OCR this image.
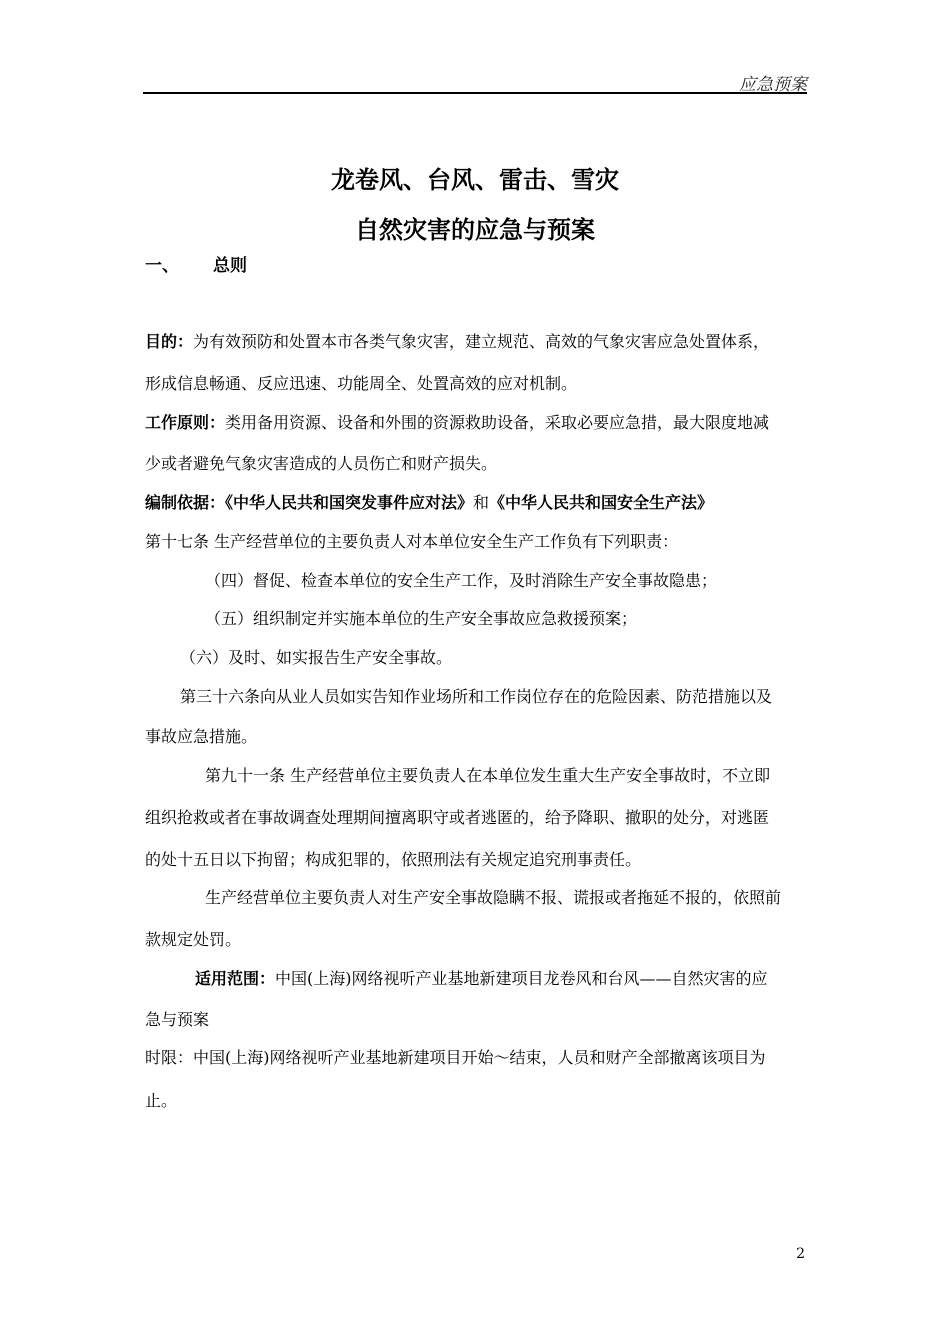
应急预案
龙卷风、台风、雷击、雪灾
自然灾害的应急与预案
一、 总则
目的：为有效预防和处置本市各类气象灾害，建立规范、高效的气象灾害应急处置体系，
形成信息畅通、反应迅速、功能周全、处置高效的应对机制。
工作原则：类用备用资源、设备和外围的资源救助设备，采取必要应急措，最大限度地减
少或者避免气象灾害造成的人员伤亡和财产损失。
编制依据：《中华人民共和国突发事件应对法》和《中华人民共和国安全生产法》
第十七条 生产经营单位的主要负责人对本单位安全生产工作负有下列职责：
（四）督促、检查本单位的安全生产工作，及时消除生产安全事故隐患；
（五）组织制定并实施本单位的生产安全事故应急救援预案；
（六）及时、如实报告生产安全事故。
第三十六条向从业人员如实告知作业场所和工作岗位存在的危险因素、防范措施以及
事故应急措施。
第九十一条 生产经营单位主要负责人在本单位发生重大生产安全事故时，不立即
组织抢救或者在事故调查处理期间擅离职守或者逃匿的，给予降职、撤职的处分，对逃匿
的处十五日以下拘留；构成犯罪的，依照刑法有关规定追究刑事责任。
生产经营单位主要负责人对生产安全事故隐瞒不报、谎报或者拖延不报的，依照前
款规定处罚。
适用范围：中国(上海)网络视听产业基地新建项目龙卷风和台风——自然灾害的应
急与预案
时限：中国(上海)网络视听产业基地新建项目开始～结束，人员和财产全部撤离该项目为
止。
2
